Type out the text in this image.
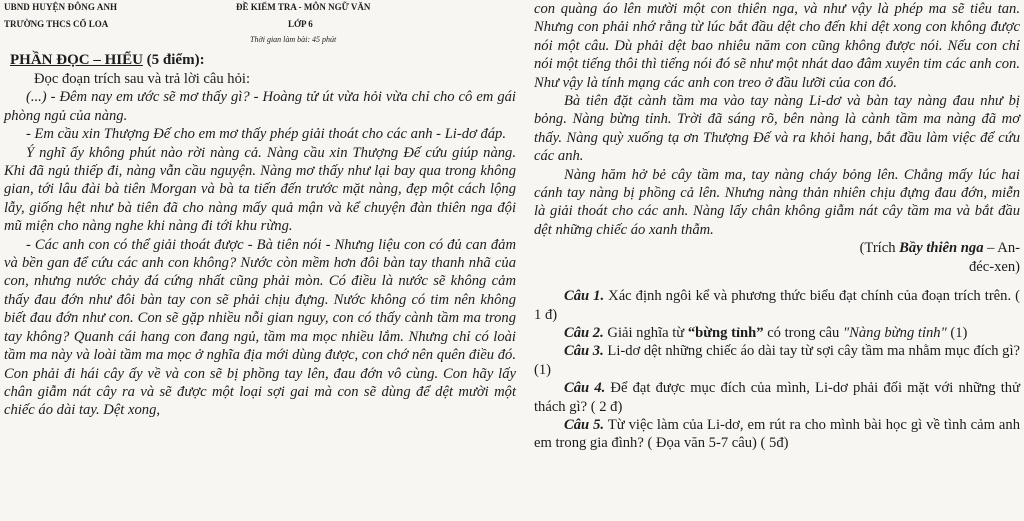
UBND HUYỆN ĐÔNG ANH
TRƯỜNG THCS CỔ LOA
ĐỀ KIỂM TRA - MÔN NGỮ VĂN
LỚP 6
Thời gian làm bài: 45 phút
PHẦN ĐỌC – HIỂU (5 điểm):

Đọc đoạn trích sau và trả lời câu hỏi:

(...) - Đêm nay em ước sẽ mơ thấy gì? - Hoàng tử út vừa hỏi vừa chỉ cho cô em gái phòng ngủ của nàng.

- Em cầu xin Thượng Đế cho em mơ thấy phép giải thoát cho các anh - Li-dơ đáp.

Ý nghĩ ấy không phút nào rời nàng cả. Nàng cầu xin Thượng Đế cứu giúp nàng. Khi đã ngủ thiếp đi, nàng vẫn cầu nguyện. Nàng mơ thấy như lại bay qua trong không gian, tới lâu đài bà tiên Morgan và bà ta tiến đến trước mặt nàng, đẹp một cách lộng lẫy, giống hệt như bà tiên đã cho nàng mấy quả mận và kể chuyện đàn thiên nga đội mũ miện cho nàng nghe khi nàng đi tới khu rừng.

- Các anh con có thể giải thoát được - Bà tiên nói - Nhưng liệu con có đủ can đảm và bền gan để cứu các anh con không? Nước còn mềm hơn đôi bàn tay thanh nhã của con, nhưng nước chảy đá cứng nhất cũng phải mòn. Có điều là nước sẽ không cảm thấy đau đớn như đôi bàn tay con sẽ phải chịu đựng. Nước không có tim nên không biết đau đớn như con. Con sẽ gặp nhiều nỗi gian nguy, con có thấy cành tầm ma trong tay không? Quanh cái hang con đang ngủ, tầm ma mọc nhiều lắm. Nhưng chỉ có loài tầm ma này và loài tầm ma mọc ở nghĩa địa mới dùng được, con chớ nên quên điều đó. Con phải đi hái cây ấy về và con sẽ bị phồng tay lên, đau đớn vô cùng. Con hãy lấy chân giẫm nát cây ra và sẽ được một loại sợi gai mà con sẽ dùng để dệt mười một chiếc áo dài tay. Dệt xong,

con quàng áo lên mười một con thiên nga, và như vậy là phép ma sẽ tiêu tan. Nhưng con phải nhớ rằng từ lúc bắt đầu dệt cho đến khi dệt xong con không được nói một câu. Dù phải dệt bao nhiêu năm con cũng không được nói. Nếu con chỉ nói một tiếng thôi thì tiếng nói đó sẽ như một nhát dao đâm xuyên tim các anh con. Như vậy là tính mạng các anh con treo ở đầu lưỡi của con đó.

Bà tiên đặt cành tầm ma vào tay nàng Li-dơ và bàn tay nàng đau như bị bỏng. Nàng bừng tỉnh. Trời đã sáng rõ, bên nàng là cành tầm ma nàng đã mơ thấy. Nàng quỳ xuống tạ ơn Thượng Đế và ra khỏi hang, bắt đầu làm việc để cứu các anh.

Nàng hăm hở bẻ cây tầm ma, tay nàng cháy bỏng lên. Chẳng mấy lúc hai cánh tay nàng bị phồng cả lên. Nhưng nàng thản nhiên chịu đựng đau đớn, miễn là giải thoát cho các anh. Nàng lấy chân không giẫm nát cây tầm ma và bắt đầu dệt những chiếc áo xanh thẫm.

(Trích Bầy thiên nga – An-
đéc-xen)

Câu 1. Xác định ngôi kể và phương thức biểu đạt chính của đoạn trích trên. ( 1 đ)

Câu 2. Giải nghĩa từ “bừng tỉnh” có trong câu "Nàng bừng tỉnh" (1)

Câu 3. Li-dơ dệt những chiếc áo dài tay từ sợi cây tầm ma nhằm mục đích gì? (1)

Câu 4. Để đạt được mục đích của mình, Li-dơ phải đối mặt với những thử thách gì? ( 2 đ)

Câu 5. Từ việc làm của Li-dơ, em rút ra cho mình bài học gì về tình cảm anh em trong gia đình? ( Đọa văn 5-7 câu) ( 5đ)
